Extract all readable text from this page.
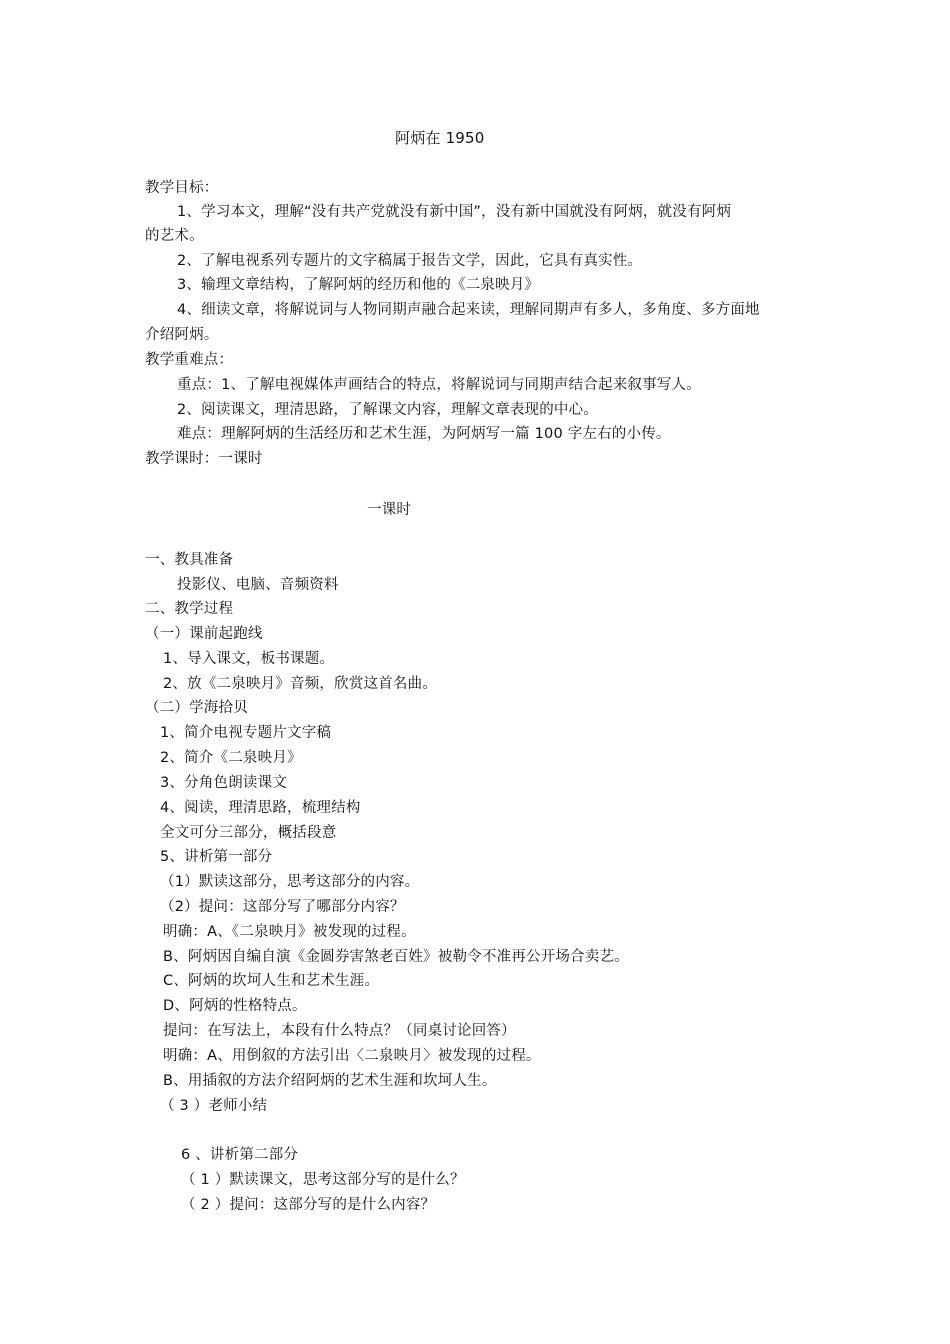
阿炳在 1950
教学目标：
1、学习本文，理解“没有共产党就没有新中国”，没有新中国就没有阿炳，就没有阿炳
的艺术。
2、了解电视系列专题片的文字稿属于报告文学，因此，它具有真实性。
3、输理文章结构，了解阿炳的经历和他的《二泉映月》
4、细读文章，将解说词与人物同期声融合起来读，理解同期声有多人，多角度、多方面地
介绍阿炳。
教学重难点：
重点：1、了解电视媒体声画结合的特点，将解说词与同期声结合起来叙事写人。
2、阅读课文，理清思路，了解课文内容，理解文章表现的中心。
难点：理解阿炳的生活经历和艺术生涯，为阿炳写一篇 100 字左右的小传。
教学课时：一课时
一课时
一、教具准备
投影仪、电脑、音频资料
二、教学过程
（一）课前起跑线
1、导入课文，板书课题。
2、放《二泉映月》音频，欣赏这首名曲。
（二）学海拾贝
1、简介电视专题片文字稿
2、简介《二泉映月》
3、分角色朗读课文
4、阅读，理清思路，梳理结构
全文可分三部分，概括段意
5、讲析第一部分
（1）默读这部分，思考这部分的内容。
（2）提问：这部分写了哪部分内容？
明确：A、《二泉映月》被发现的过程。
B、阿炳因自编自演《金圆券害煞老百姓》被勒令不准再公开场合卖艺。
C、阿炳的坎坷人生和艺术生涯。
D、阿炳的性格特点。
提问：在写法上，本段有什么特点？（同桌讨论回答）
明确：A、用倒叙的方法引出〈二泉映月〉被发现的过程。
B、用插叙的方法介绍阿炳的艺术生涯和坎坷人生。
（ 3 ）老师小结
6 、讲析第二部分
（ 1 ）默读课文，思考这部分写的是什么？
（ 2 ）提问：这部分写的是什么内容？
